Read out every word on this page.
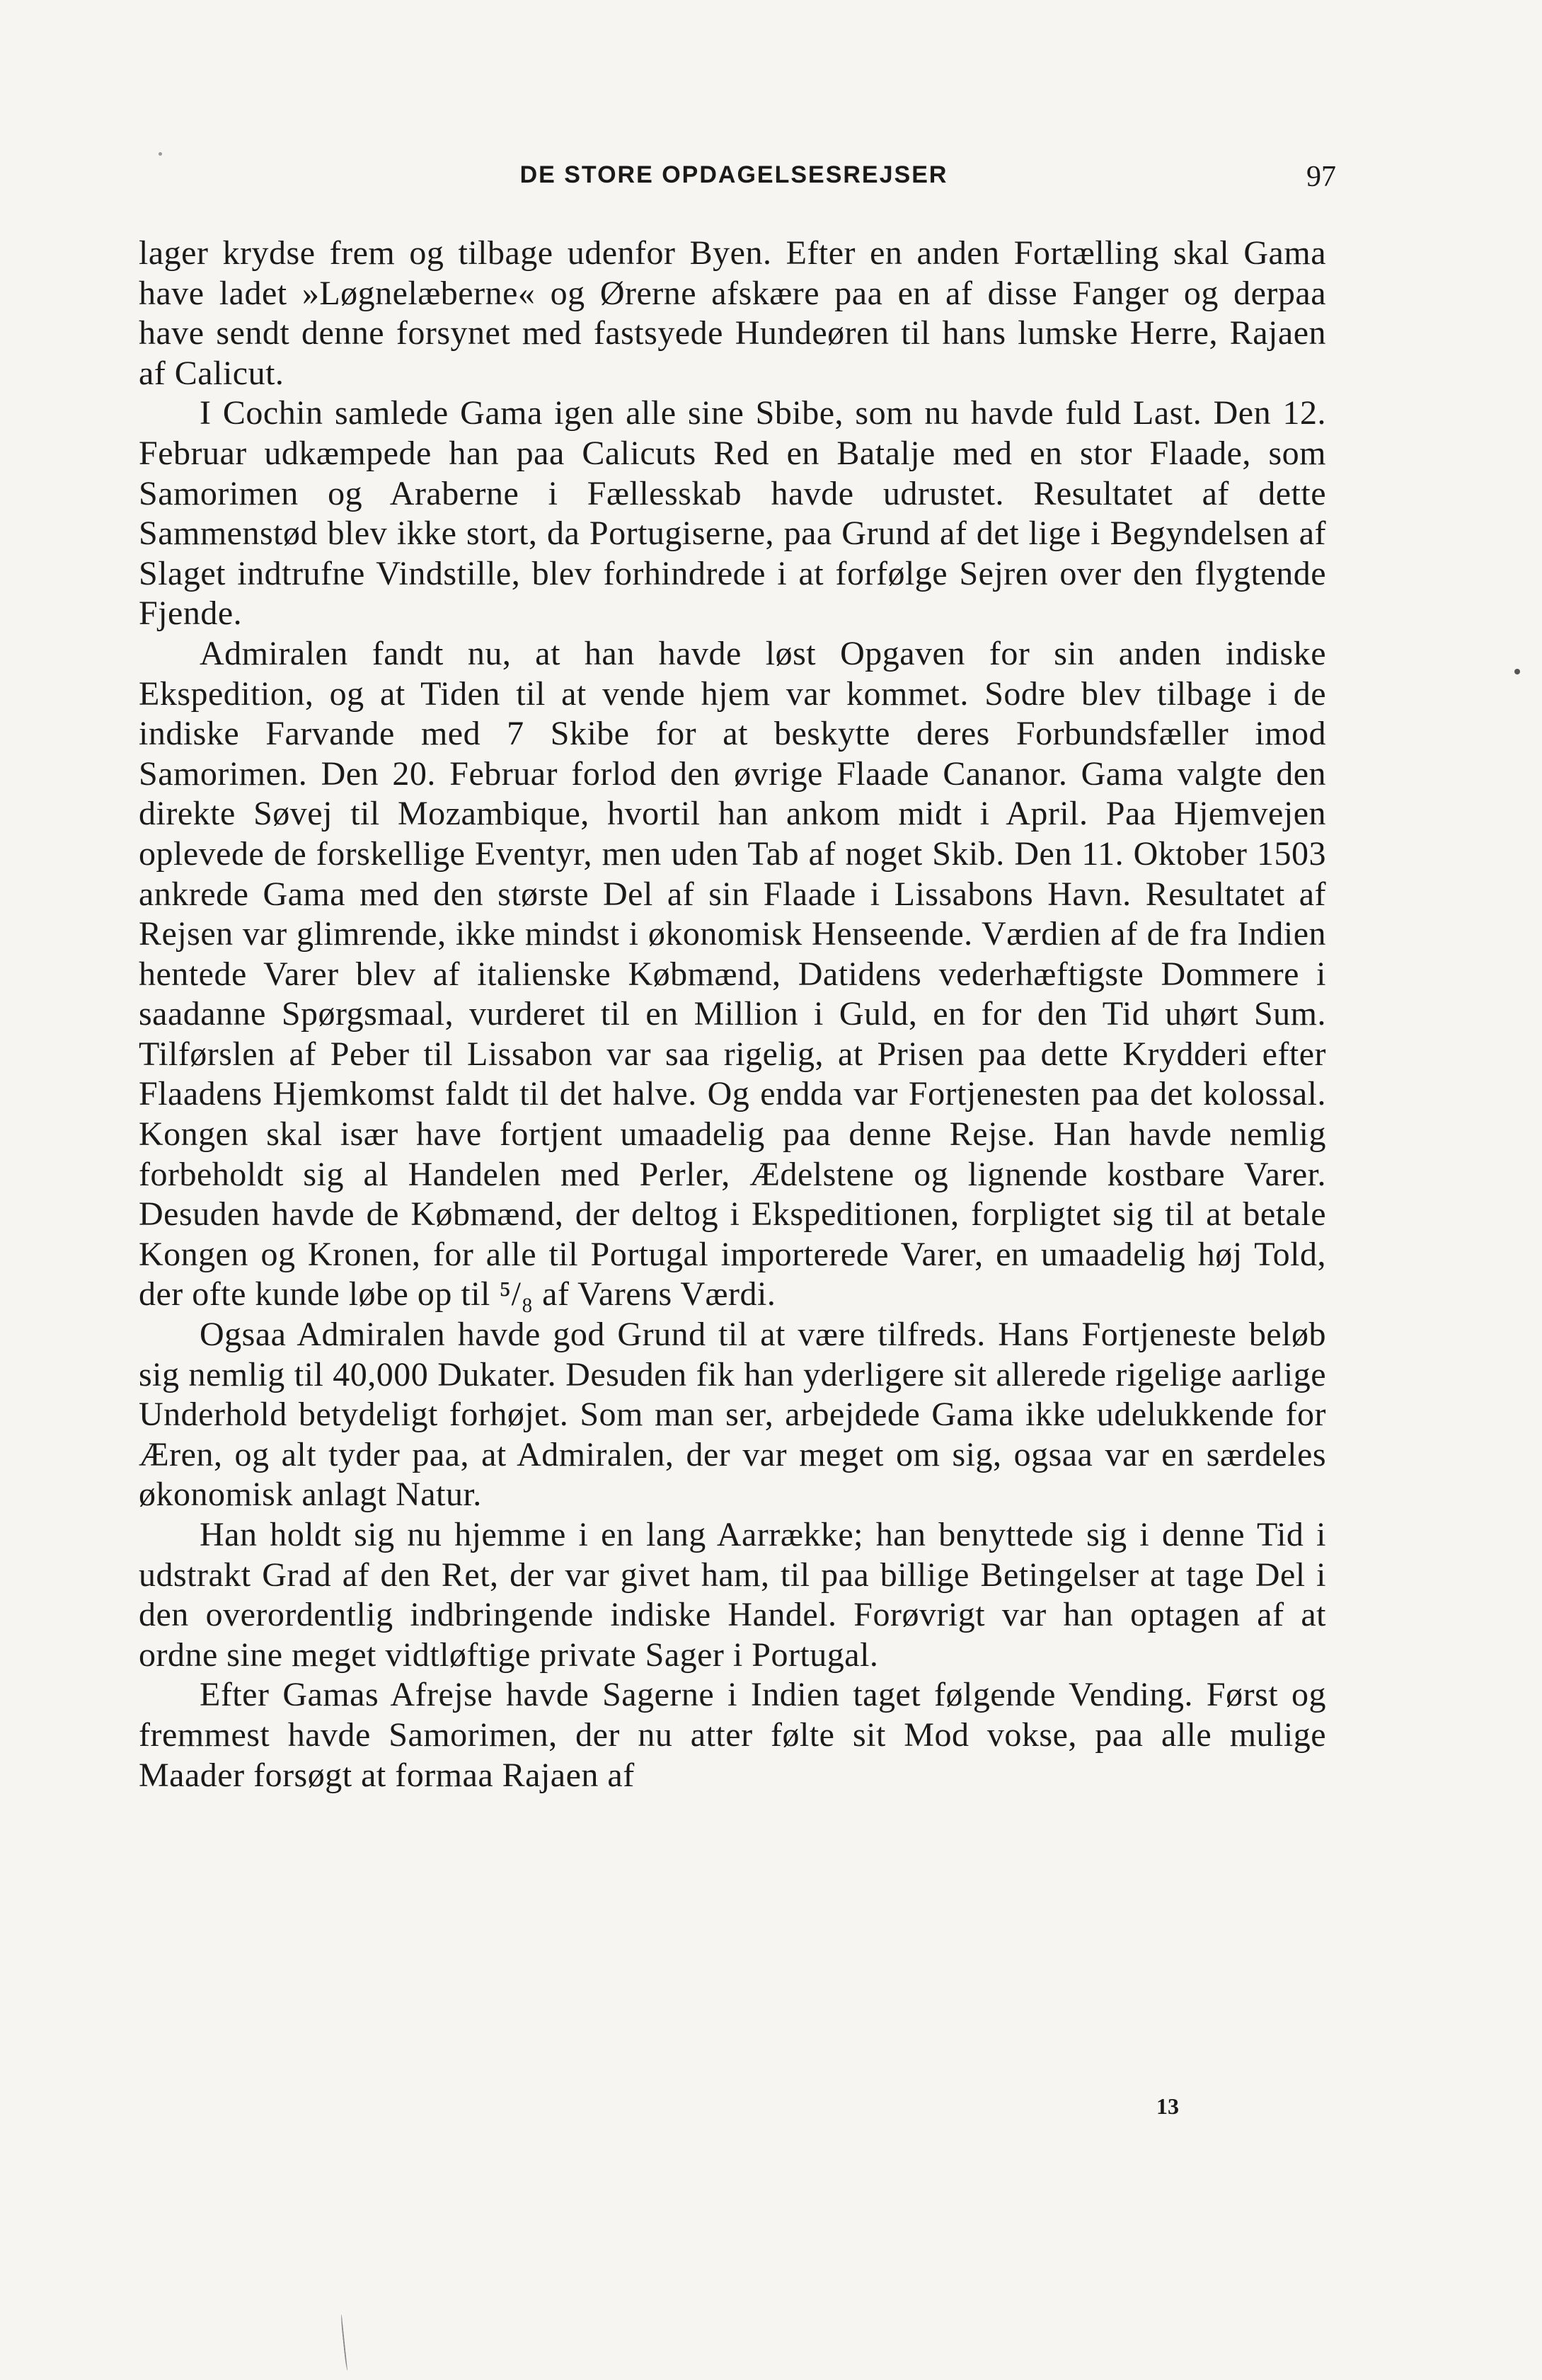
DE STORE OPDAGELSESREJSER	97

lager krydse frem og tilbage udenfor Byen. Efter en anden Fortælling skal Gama have ladet »Løgnelæberne« og Ørerne afskære paa en af disse Fanger og derpaa have sendt denne forsynet med fastsyede Hundeøren til hans lumske Herre, Rajaen af Calicut.

I Cochin samlede Gama igen alle sine Sbibe, som nu havde fuld Last. Den 12. Februar udkæmpede han paa Calicuts Red en Batalje med en stor Flaade, som Samorimen og Araberne i Fællesskab havde udrustet. Resultatet af dette Sammenstød blev ikke stort, da Portugiserne, paa Grund af det lige i Begyndelsen af Slaget indtrufne Vindstille, blev forhindrede i at forfølge Sejren over den flygtende Fjende.

Admiralen fandt nu, at han havde løst Opgaven for sin anden indiske Ekspedition, og at Tiden til at vende hjem var kommet. Sodre blev tilbage i de indiske Farvande med 7 Skibe for at beskytte deres Forbundsfæller imod Samorimen. Den 20. Februar forlod den øvrige Flaade Cananor. Gama valgte den direkte Søvej til Mozambique, hvortil han ankom midt i April. Paa Hjemvejen oplevede de forskellige Eventyr, men uden Tab af noget Skib. Den 11. Oktober 1503 ankrede Gama med den største Del af sin Flaade i Lissabons Havn. Resultatet af Rejsen var glimrende, ikke mindst i økonomisk Henseende. Værdien af de fra Indien hentede Varer blev af italienske Købmænd, Datidens vederhæftigste Dommere i saadanne Spørgsmaal, vurderet til en Million i Guld, en for den Tid uhørt Sum. Tilførslen af Peber til Lissabon var saa rigelig, at Prisen paa dette Krydderi efter Flaadens Hjemkomst faldt til det halve. Og endda var Fortjenesten paa det kolossal. Kongen skal især have fortjent umaadelig paa denne Rejse. Han havde nemlig forbeholdt sig al Handelen med Perler, Ædelstene og lignende kostbare Varer. Desuden havde de Købmænd, der deltog i Ekspeditionen, forpligtet sig til at betale Kongen og Kronen, for alle til Portugal importerede Varer, en umaadelig høj Told, der ofte kunde løbe op til ⁵/₈ af Varens Værdi.

Ogsaa Admiralen havde god Grund til at være tilfreds. Hans Fortjeneste beløb sig nemlig til 40,000 Dukater. Desuden fik han yderligere sit allerede rigelige aarlige Underhold betydeligt forhøjet. Som man ser, arbejdede Gama ikke udelukkende for Æren, og alt tyder paa, at Admiralen, der var meget om sig, ogsaa var en særdeles økonomisk anlagt Natur.

Han holdt sig nu hjemme i en lang Aarrække; han benyttede sig i denne Tid i udstrakt Grad af den Ret, der var givet ham, til paa billige Betingelser at tage Del i den overordentlig indbringende indiske Handel. Forøvrigt var han optagen af at ordne sine meget vidtløftige private Sager i Portugal.

Efter Gamas Afrejse havde Sagerne i Indien taget følgende Vending. Først og fremmest havde Samorimen, der nu atter følte sit Mod vokse, paa alle mulige Maader forsøgt at formaa Rajaen af

13
